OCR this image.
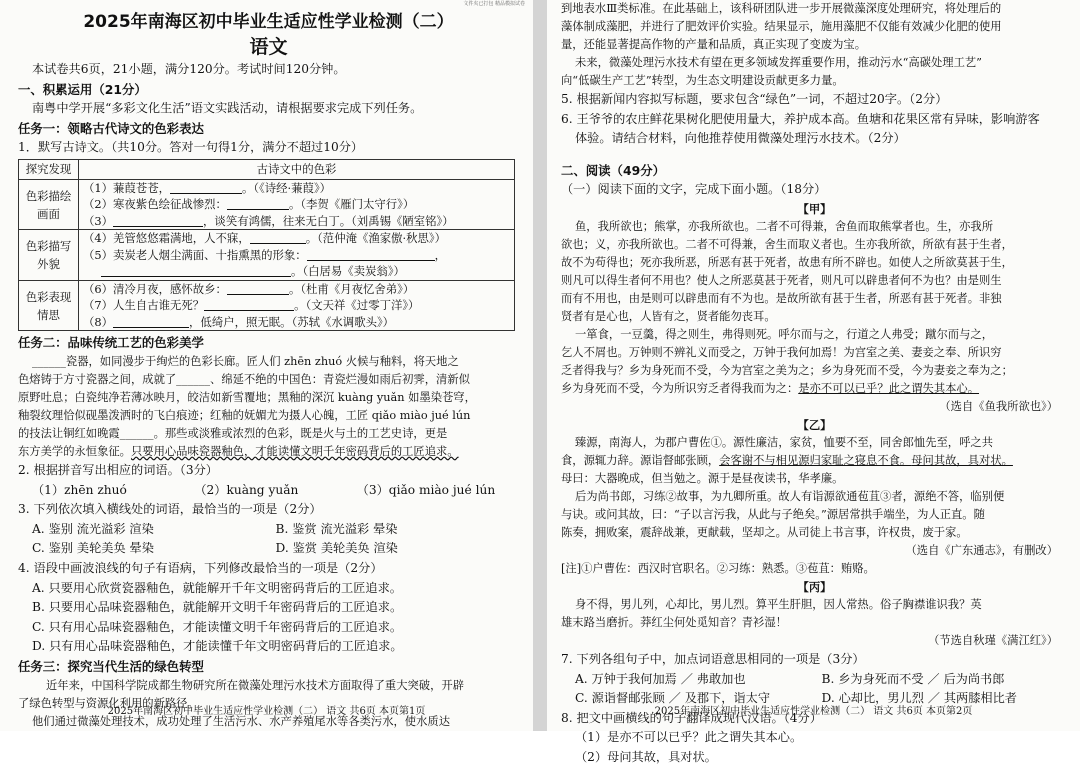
文件夹已打包 精品模拟试卷
2025年南海区初中毕业生适应性学业检测（二）
语文
本试卷共6页，21小题，满分120分。考试时间120分钟。
一、积累运用（21分）
南粤中学开展“多彩文化生活”语文实践活动，请根据要求完成下列任务。
任务一：领略古代诗文的色彩表达
1．默写古诗文。（共10分。答对一句得1分，满分不超过10分）
探究发现	古诗文中的色彩
色彩描绘画面	（1）蒹葭苍苍， 。（《诗经·蒹葭》）
（2）寒夜紫色绘征战惨烈： 。（李贺《雁门太守行》）
（3） ，谈笑有鸿儒，往来无白丁。（刘禹锡《陋室铭》）

色彩描写外貌	（4）羌管悠悠霜满地，人不寐， 。（范仲淹《渔家傲·秋思》）
（5）卖炭老人烟尘满面、十指熏黑的形象： ，
。（白居易《卖炭翁》）

色彩表现情思	（6）清冷月夜，感怀故乡： 。（杜甫《月夜忆舍弟》）
（7）人生自古谁无死？ 。（文天祥《过零丁洋》）
（8） ，低绮户，照无眠。（苏轼《水调歌头》）
任务二：品味传统工艺的色彩美学
______瓷器，如同漫步于绚烂的色彩长廊。匠人们 zhēn zhuó 火候与釉料，将天地之
色熔铸于方寸瓷器之间，成就了______、绵延不绝的中国色：青瓷烂漫如雨后初霁，清新似
原野吐息；白瓷纯净若薄冰映月，皎洁如新雪覆地；黑釉的深沉 kuàng yuǎn 如墨染苍穹，
釉裂纹理恰似砚墨泼洒时的飞白痕迹；红釉的妩媚尤为摄人心魄，工匠 qiǎo miào jué lún
的技法让铜红如晚霞______。那些或淡雅或浓烈的色彩，既是火与土的工艺史诗，更是
东方美学的永恒象征。只要用心品味瓷器釉色，才能读懂文明千年密码背后的工匠追求。
2. 根据拼音写出相应的词语。（3分）
（1）zhēn zhuó	（2）kuàng yuǎn	（3）qiǎo miào jué lún
3. 下列依次填入横线处的词语，最恰当的一项是（2分）
A. 鉴别 流光溢彩 渲染	B. 鉴赏 流光溢彩 晕染
C. 鉴别 美轮美奂 晕染	D. 鉴赏 美轮美奂 渲染
4. 语段中画波浪线的句子有语病，下列修改最恰当的一项是（2分）
A. 只要用心欣赏瓷器釉色，就能解开千年文明密码背后的工匠追求。
B. 只要用心品味瓷器釉色，就能解开文明千年密码背后的工匠追求。
C. 只有用心品味瓷器釉色，才能读懂文明千年密码背后的工匠追求。
D. 只有用心品味瓷器釉色，才能读懂千年文明密码背后的工匠追求。
任务三：探究当代生活的绿色转型
近年来，中国科学院成都生物研究所在微藻处理污水技术方面取得了重大突破，开辟
了绿色转型与资源化利用的新路径。
他们通过微藻处理技术，成功处理了生活污水、水产养殖尾水等各类污水，使水质达
2025年南海区初中毕业生适应性学业检测（二） 语文 共6页 本页第1页
到地表水Ⅲ类标准。在此基础上，该科研团队进一步开展微藻深度处理研究，将处理后的
藻体制成藻肥，并进行了肥效评价实验。结果显示，施用藻肥不仅能有效减少化肥的使用
量，还能显著提高作物的产量和品质，真正实现了变废为宝。
未来，微藻处理污水技术有望在更多领域发挥重要作用，推动污水“高碳处理工艺”
向“低碳生产工艺”转型，为生态文明建设贡献更多力量。
5. 根据新闻内容拟写标题，要求包含“绿色”一词，不超过20字。（2分）
6. 王爷爷的农庄鲜花果树化肥使用量大，养护成本高。鱼塘和花果区常有异味，影响游客
体验。请结合材料，向他推荐使用微藻处理污水技术。（2分）
二、阅读（49分）
（一）阅读下面的文字，完成下面小题。（18分）
【甲】
鱼，我所欲也；熊掌，亦我所欲也。二者不可得兼，舍鱼而取熊掌者也。生，亦我所
欲也；义，亦我所欲也。二者不可得兼，舍生而取义者也。生亦我所欲，所欲有甚于生者，
故不为苟得也；死亦我所恶，所恶有甚于死者，故患有所不辟也。如使人之所欲莫甚于生，
则凡可以得生者何不用也？使人之所恶莫甚于死者，则凡可以辟患者何不为也？由是则生
而有不用也，由是则可以辟患而有不为也。是故所欲有甚于生者，所恶有甚于死者。非独
贤者有是心也，人皆有之，贤者能勿丧耳。
一箪食，一豆羹，得之则生，弗得则死。呼尔而与之，行道之人弗受；蹴尔而与之，
乞人不屑也。万钟则不辨礼义而受之，万钟于我何加焉！为宫室之美、妻妾之奉、所识穷
乏者得我与？乡为身死而不受，今为宫室之美为之；乡为身死而不受，今为妻妾之奉为之；
乡为身死而不受，今为所识穷乏者得我而为之：是亦不可以已乎？此之谓失其本心。
（选自《鱼我所欲也》）
【乙】
臻源，南海人，为郡户曹佐①。源性廉洁，家贫，恤要不至，同舍郎恤先至，呼之共
食，源辄力辞。源诣督邮张顾，会客谢不与相见源归家耻之寝息不食。母问其故，具对状。
母曰：大器晚成，但当勉之。源于是昼夜读书，华孝廉。
后为尚书郎，习练②故事，为九卿所重。故人有诣源欲通苞苴③者，源绝不答，临别便
与诀。或问其故，曰：“子以言污我，从此与子绝矣。”源居常拱手端坐，为人正直。随
陈奏，拥败案，震辞战兼，更献载，坚却之。从司徒上书言事，许权贵，废于家。
（选自《广东通志》，有删改）
[注]①户曹佐：西汉时官职名。②习练：熟悉。③苞苴：贿赂。
【丙】
身不得，男儿列，心却比，男儿烈。算平生肝胆，因人常热。俗子胸襟谁识我？英
雄末路当磨折。莽红尘何处觅知音？青衫湿！
（节选自秋瑾《满江红》）
7. 下列各组句子中，加点词语意思相同的一项是（3分）
A. 万钟于我何加焉 ／ 弗敢加也	B. 乡为身死而不受 ／ 后为尚书郎
C. 源诣督邮张顾 ／ 及郡下，诣太守	D. 心却比，男儿烈 ／ 其两膝相比者
8. 把文中画横线的句子翻译成现代汉语。（4分）
（1）是亦不可以已乎？此之谓失其本心。
（2）母问其故，具对状。
2025年南海区初中毕业生适应性学业检测（二） 语文 共6页 本页第2页
